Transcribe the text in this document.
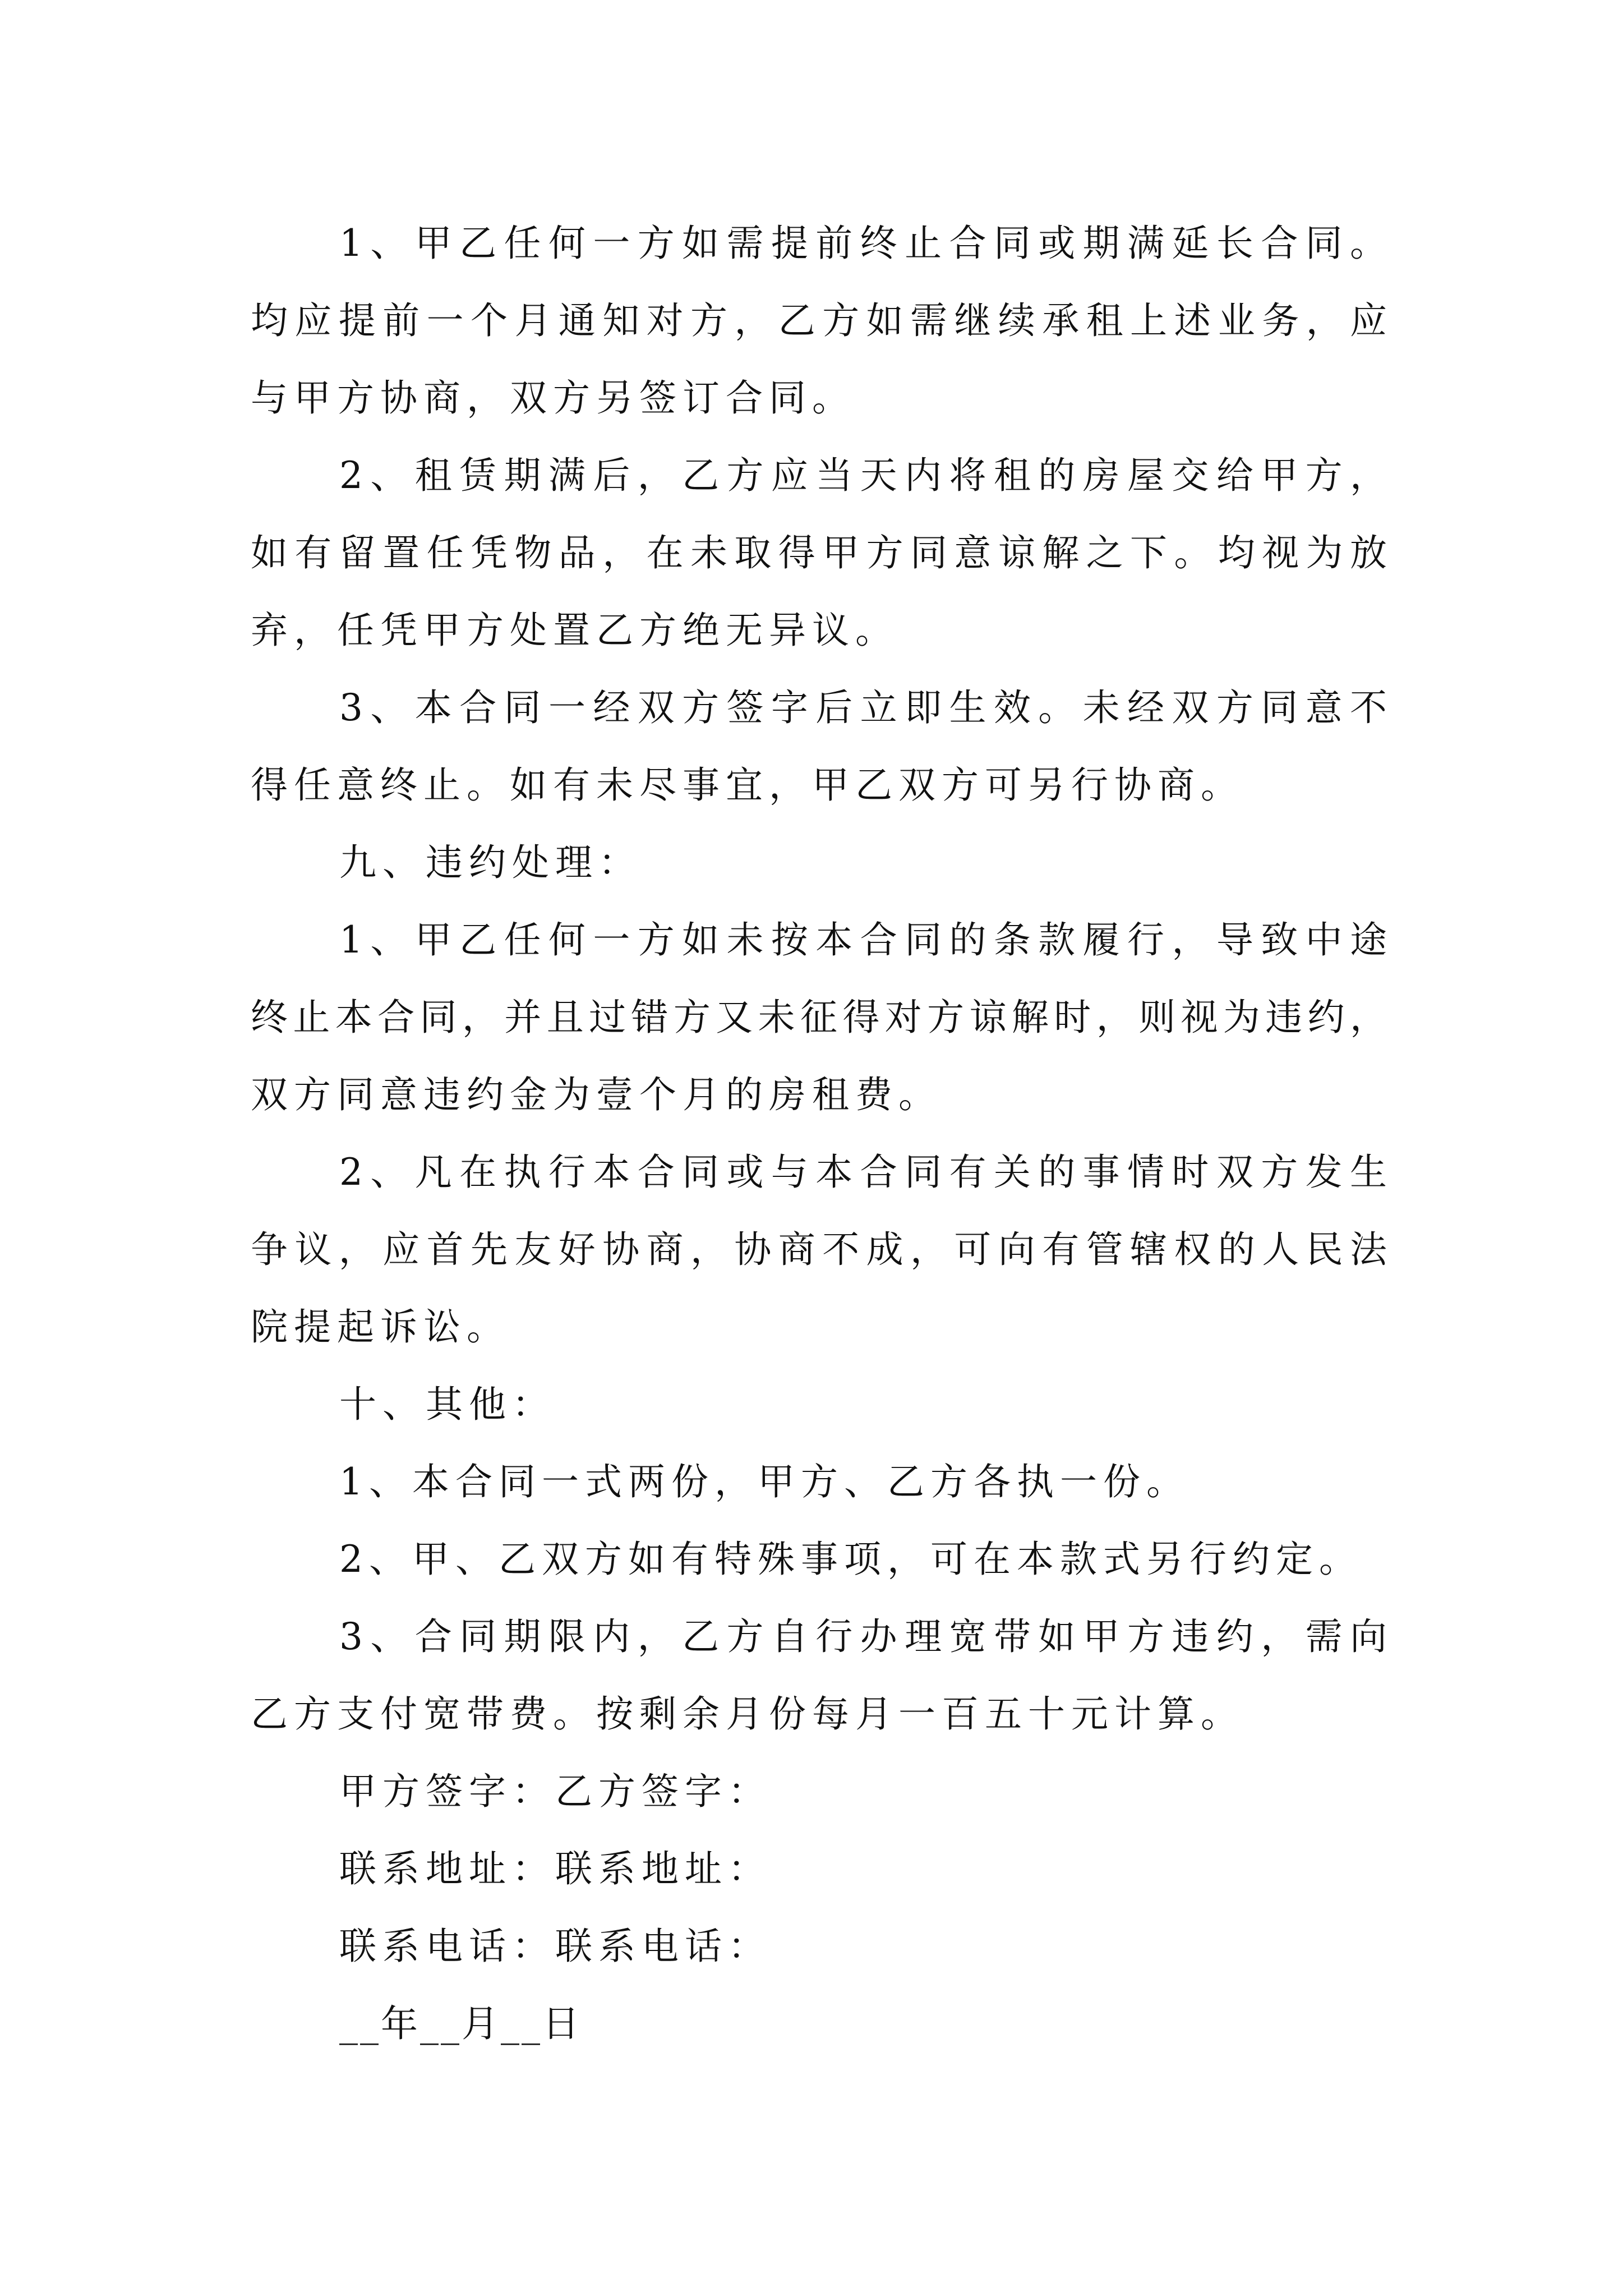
1、甲乙任何一方如需提前终止合同或期满延长合同。
均应提前一个月通知对方，乙方如需继续承租上述业务，应
与甲方协商，双方另签订合同。
2、租赁期满后，乙方应当天内将租的房屋交给甲方，
如有留置任凭物品，在未取得甲方同意谅解之下。均视为放
弃，任凭甲方处置乙方绝无异议。
3、本合同一经双方签字后立即生效。未经双方同意不
得任意终止。如有未尽事宜，甲乙双方可另行协商。
九、违约处理：
1、甲乙任何一方如未按本合同的条款履行，导致中途
终止本合同，并且过错方又未征得对方谅解时，则视为违约，
双方同意违约金为壹个月的房租费。
2、凡在执行本合同或与本合同有关的事情时双方发生
争议，应首先友好协商，协商不成，可向有管辖权的人民法
院提起诉讼。
十、其他：
1、本合同一式两份，甲方、乙方各执一份。
2、甲、乙双方如有特殊事项，可在本款式另行约定。
3、合同期限内，乙方自行办理宽带如甲方违约，需向
乙方支付宽带费。按剩余月份每月一百五十元计算。
甲方签字：乙方签字：
联系地址：联系地址：
联系电话：联系电话：
__年__月__日
